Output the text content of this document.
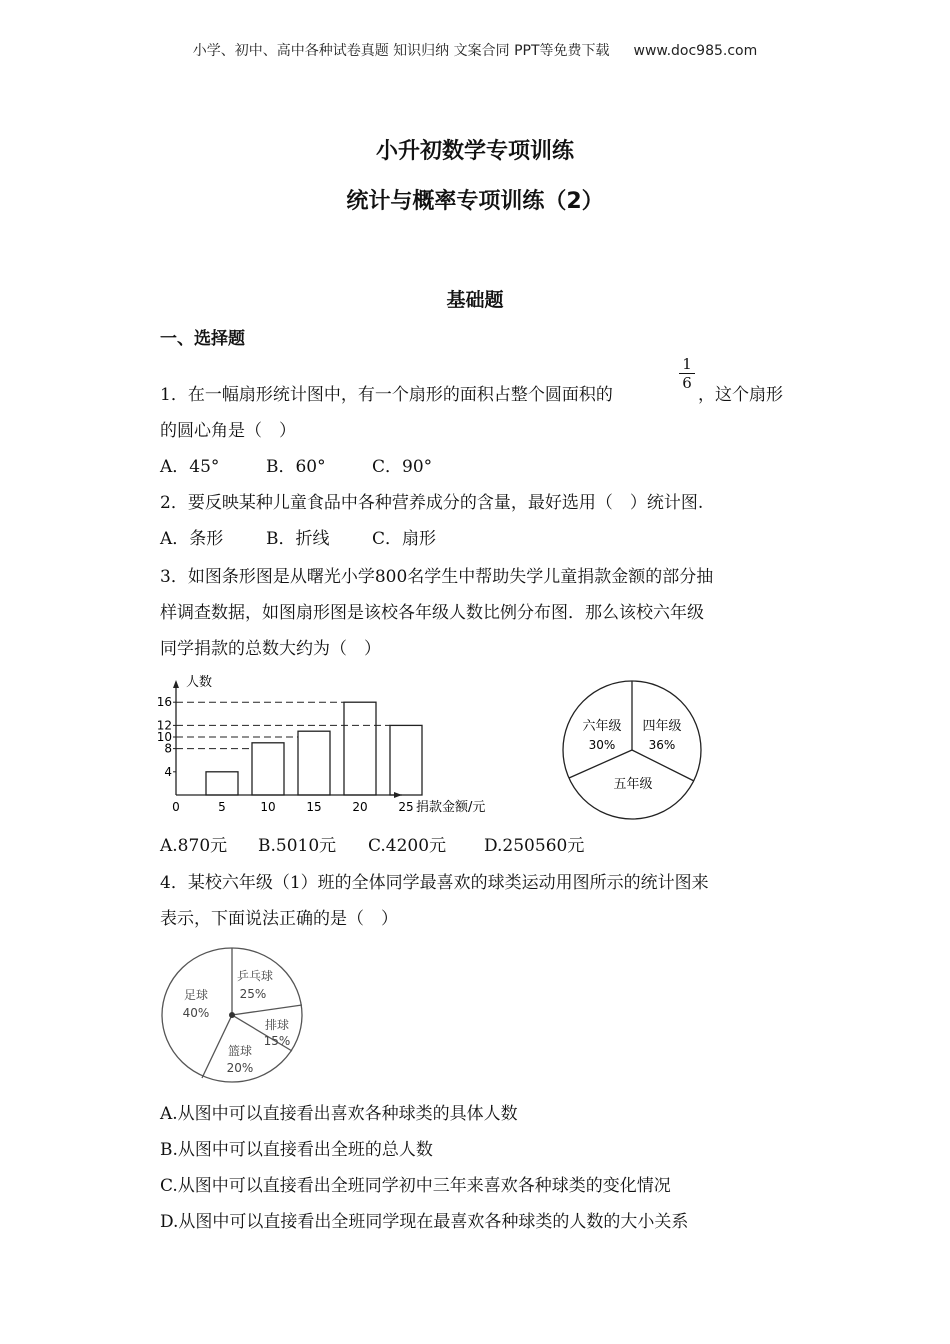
小学、初中、高中各种试卷真题 知识归纳 文案合同 PPT等免费下载 www.doc985.com
小升初数学专项训练
统计与概率专项训练（2）
基础题
一、选择题
1．在一幅扇形统计图中，有一个扇形的面积占整个圆面积的
1
6
，这个扇形
的圆心角是（　）
A．45°	B．60°	C．90°
2．要反映某种儿童食品中各种营养成分的含量，最好选用（　）统计图.
A．条形	B．折线	C．扇形
3．如图条形图是从曙光小学800名学生中帮助失学儿童捐款金额的部分抽
样调查数据，如图扇形图是该校各年级人数比例分布图．那么该校六年级
同学捐款的总数大约为（　）
人数
捐款金额/元
4
8
10
12
16
0	5	10	15	20	25
六年级
30%
四年级
36%
五年级
A.870元 B.5010元 C.4200元 D.250560元
4．某校六年级（1）班的全体同学最喜欢的球类运动用图所示的统计图来
表示，下面说法正确的是（　）
乒乓球
25%
排球
15%
篮球
20%
足球
40%
A.从图中可以直接看出喜欢各种球类的具体人数
B.从图中可以直接看出全班的总人数
C.从图中可以直接看出全班同学初中三年来喜欢各种球类的变化情况
D.从图中可以直接看出全班同学现在最喜欢各种球类的人数的大小关系
